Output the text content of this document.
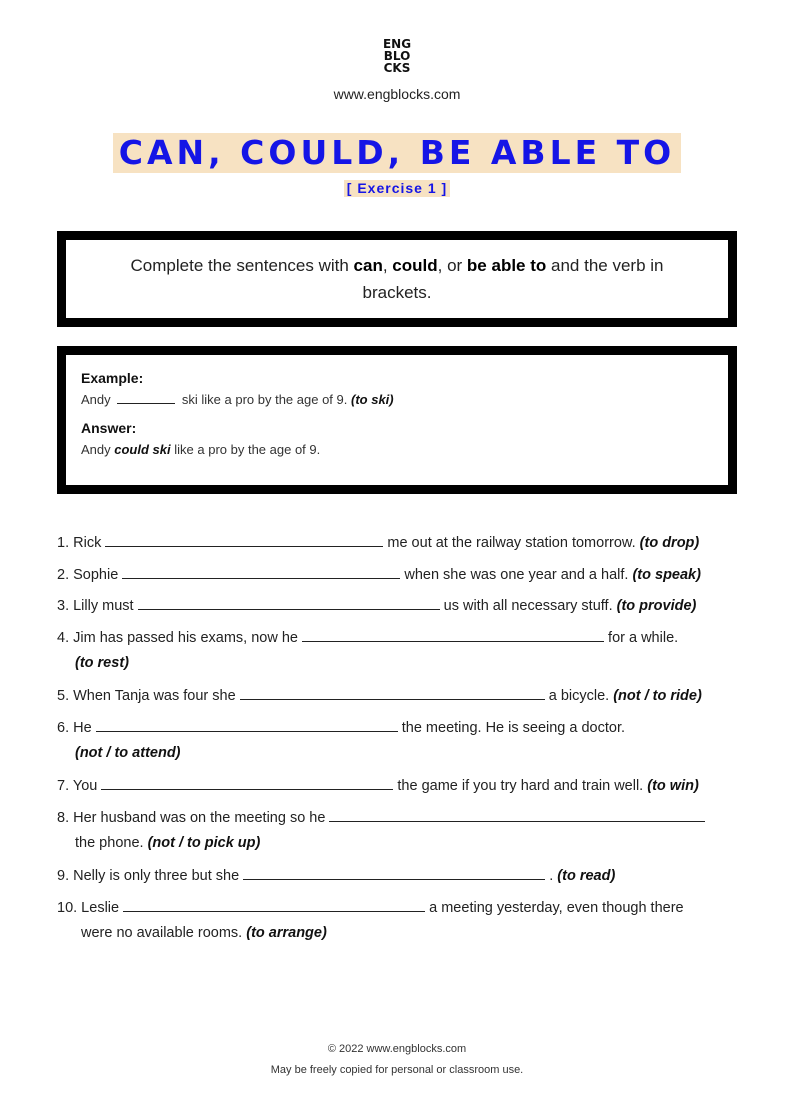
ENG
BLO
CKS
www.engblocks.com
CAN, COULD, BE ABLE TO
[ Exercise 1 ]

Complete the sentences with can, could, or be able to and the verb in brackets.

Example:

Andy	ski like a pro by the age of 9. (to ski)

Answer:

Andy could ski like a pro by the age of 9.

1. Rick	me out at the railway station tomorrow. (to drop)
2. Sophie	when she was one year and a half. (to speak)
3. Lilly must	us with all necessary stuff. (to provide)
4. Jim has passed his exams, now he	for a while.
(to rest)
5. When Tanja was four she	a bicycle. (not / to ride)
6. He	the meeting. He is seeing a doctor.
(not / to attend)
7. You	the game if you try hard and train well. (to win)
8. Her husband was on the meeting so he
the phone. (not / to pick up)
9. Nelly is only three but she	. (to read)
10. Leslie	a meeting yesterday, even though there
were no available rooms. (to arrange)
© 2022 www.engblocks.com
May be freely copied for personal or classroom use.
